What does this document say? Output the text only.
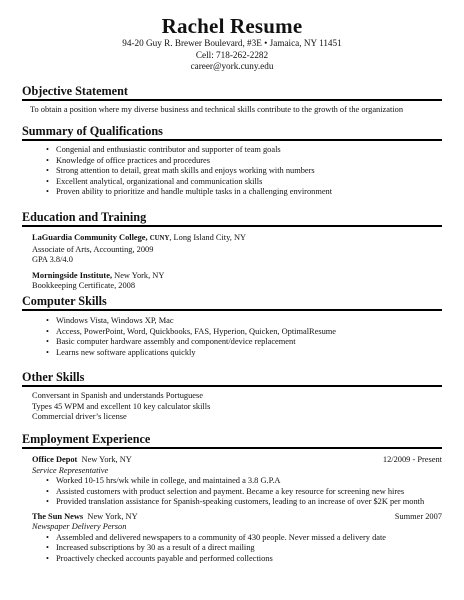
Rachel Resume
94-20 Guy R. Brewer Boulevard, #3E • Jamaica, NY 11451
Cell: 718-262-2282
career@york.cuny.edu
Objective Statement
To obtain a position where my diverse business and technical skills contribute to the growth of the organization
Summary of Qualifications
• Congenial and enthusiastic contributor and supporter of team goals
• Knowledge of office practices and procedures
• Strong attention to detail, great math skills and enjoys working with numbers
• Excellent analytical, organizational and communication skills
• Proven ability to prioritize and handle multiple tasks in a challenging environment
Education and Training
LaGuardia Community College, CUNY, Long Island City, NY
Associate of Arts, Accounting, 2009
GPA 3.8/4.0
Morningside Institute, New York, NY
Bookkeeping Certificate, 2008
Computer Skills
• Windows Vista, Windows XP, Mac
• Access, PowerPoint, Word, Quickbooks, FAS, Hyperion, Quicken, OptimalResume
• Basic computer hardware assembly and component/device replacement
• Learns new software applications quickly
Other Skills
Conversant in Spanish and understands Portuguese
Types 45 WPM and excellent 10 key calculator skills
Commercial driver’s license
Employment Experience
Office Depot New York, NY	12/2009 - Present
Service Representative
• Worked 10-15 hrs/wk while in college, and maintained a 3.8 G.P.A
• Assisted customers with product selection and payment. Became a key resource for screening new hires
• Provided translation assistance for Spanish-speaking customers, leading to an increase of over $2K per month
The Sun News New York, NY	Summer 2007
Newspaper Delivery Person
• Assembled and delivered newspapers to a community of 430 people. Never missed a delivery date
• Increased subscriptions by 30 as a result of a direct mailing
• Proactively checked accounts payable and performed collections
